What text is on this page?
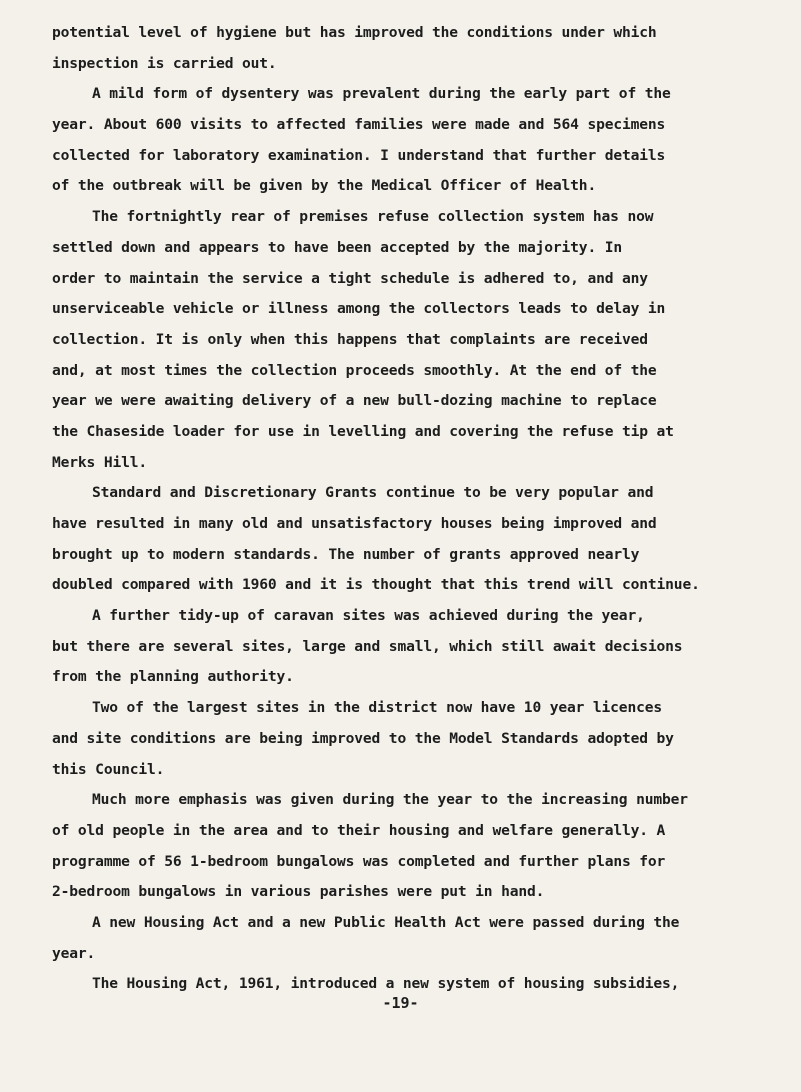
potential level of hygiene but has improved the conditions under which
inspection is carried out.
A mild form of dysentery was prevalent during the early part of the
year. About 600 visits to affected families were made and 564 specimens
collected for laboratory examination. I understand that further details
of the outbreak will be given by the Medical Officer of Health.
The fortnightly rear of premises refuse collection system has now
settled down and appears to have been accepted by the majority. In
order to maintain the service a tight schedule is adhered to, and any
unserviceable vehicle or illness among the collectors leads to delay in
collection. It is only when this happens that complaints are received
and, at most times the collection proceeds smoothly. At the end of the
year we were awaiting delivery of a new bull-dozing machine to replace
the Chaseside loader for use in levelling and covering the refuse tip at
Merks Hill.
Standard and Discretionary Grants continue to be very popular and
have resulted in many old and unsatisfactory houses being improved and
brought up to modern standards. The number of grants approved nearly
doubled compared with 1960 and it is thought that this trend will continue.
A further tidy-up of caravan sites was achieved during the year,
but there are several sites, large and small, which still await decisions
from the planning authority.
Two of the largest sites in the district now have 10 year licences
and site conditions are being improved to the Model Standards adopted by
this Council.
Much more emphasis was given during the year to the increasing number
of old people in the area and to their housing and welfare generally. A
programme of 56 1-bedroom bungalows was completed and further plans for
2-bedroom bungalows in various parishes were put in hand.
A new Housing Act and a new Public Health Act were passed during the
year.
The Housing Act, 1961, introduced a new system of housing subsidies,
-19-
